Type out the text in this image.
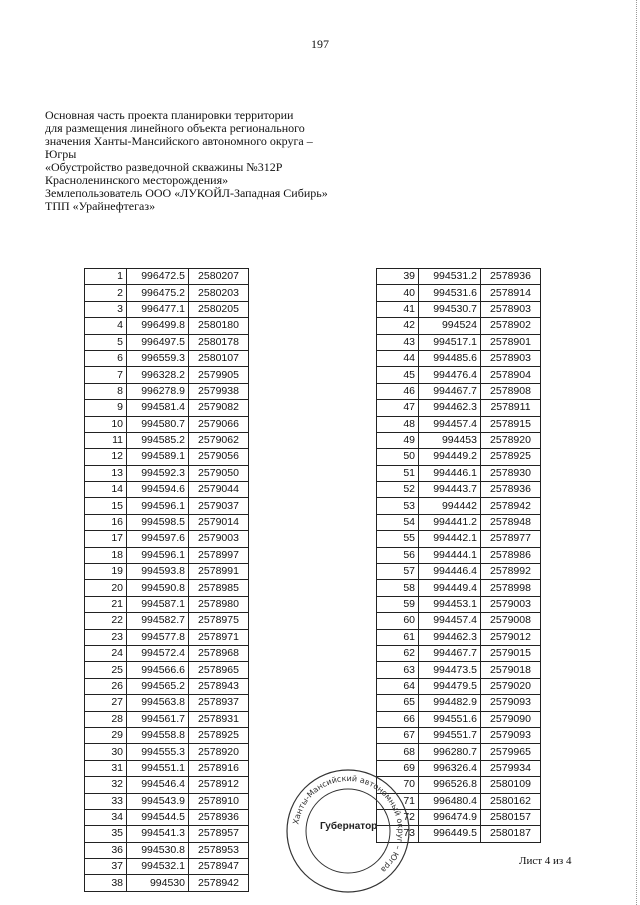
197
Основная часть проекта планировки территории
для размещения линейного объекта регионального
значения Ханты-Мансийского автономного округа –
Югры
«Обустройство разведочной скважины №312Р
Красноленинского месторождения»
Землепользователь ООО «ЛУКОЙЛ-Западная Сибирь»
ТПП «Урайнефтегаз»
1	996472.5	2580207
2	996475.2	2580203
3	996477.1	2580205
4	996499.8	2580180
5	996497.5	2580178
6	996559.3	2580107
7	996328.2	2579905
8	996278.9	2579938
9	994581.4	2579082
10	994580.7	2579066
11	994585.2	2579062
12	994589.1	2579056
13	994592.3	2579050
14	994594.6	2579044
15	994596.1	2579037
16	994598.5	2579014
17	994597.6	2579003
18	994596.1	2578997
19	994593.8	2578991
20	994590.8	2578985
21	994587.1	2578980
22	994582.7	2578975
23	994577.8	2578971
24	994572.4	2578968
25	994566.6	2578965
26	994565.2	2578943
27	994563.8	2578937
28	994561.7	2578931
29	994558.8	2578925
30	994555.3	2578920
31	994551.1	2578916
32	994546.4	2578912
33	994543.9	2578910
34	994544.5	2578936
35	994541.3	2578957
36	994530.8	2578953
37	994532.1	2578947
38	994530	2578942
39	994531.2	2578936
40	994531.6	2578914
41	994530.7	2578903
42	994524	2578902
43	994517.1	2578901
44	994485.6	2578903
45	994476.4	2578904
46	994467.7	2578908
47	994462.3	2578911
48	994457.4	2578915
49	994453	2578920
50	994449.2	2578925
51	994446.1	2578930
52	994443.7	2578936
53	994442	2578942
54	994441.2	2578948
55	994442.1	2578977
56	994444.1	2578986
57	994446.4	2578992
58	994449.4	2578998
59	994453.1	2579003
60	994457.4	2579008
61	994462.3	2579012
62	994467.7	2579015
63	994473.5	2579018
64	994479.5	2579020
65	994482.9	2579093
66	994551.6	2579090
67	994551.7	2579093
68	996280.7	2579965
69	996326.4	2579934
70	996526.8	2580109
71	996480.4	2580162
72	996474.9	2580157
73	996449.5	2580187
Ханты-Мансийский автономный округ – Югра
Губернатор
Лист 4 из 4
